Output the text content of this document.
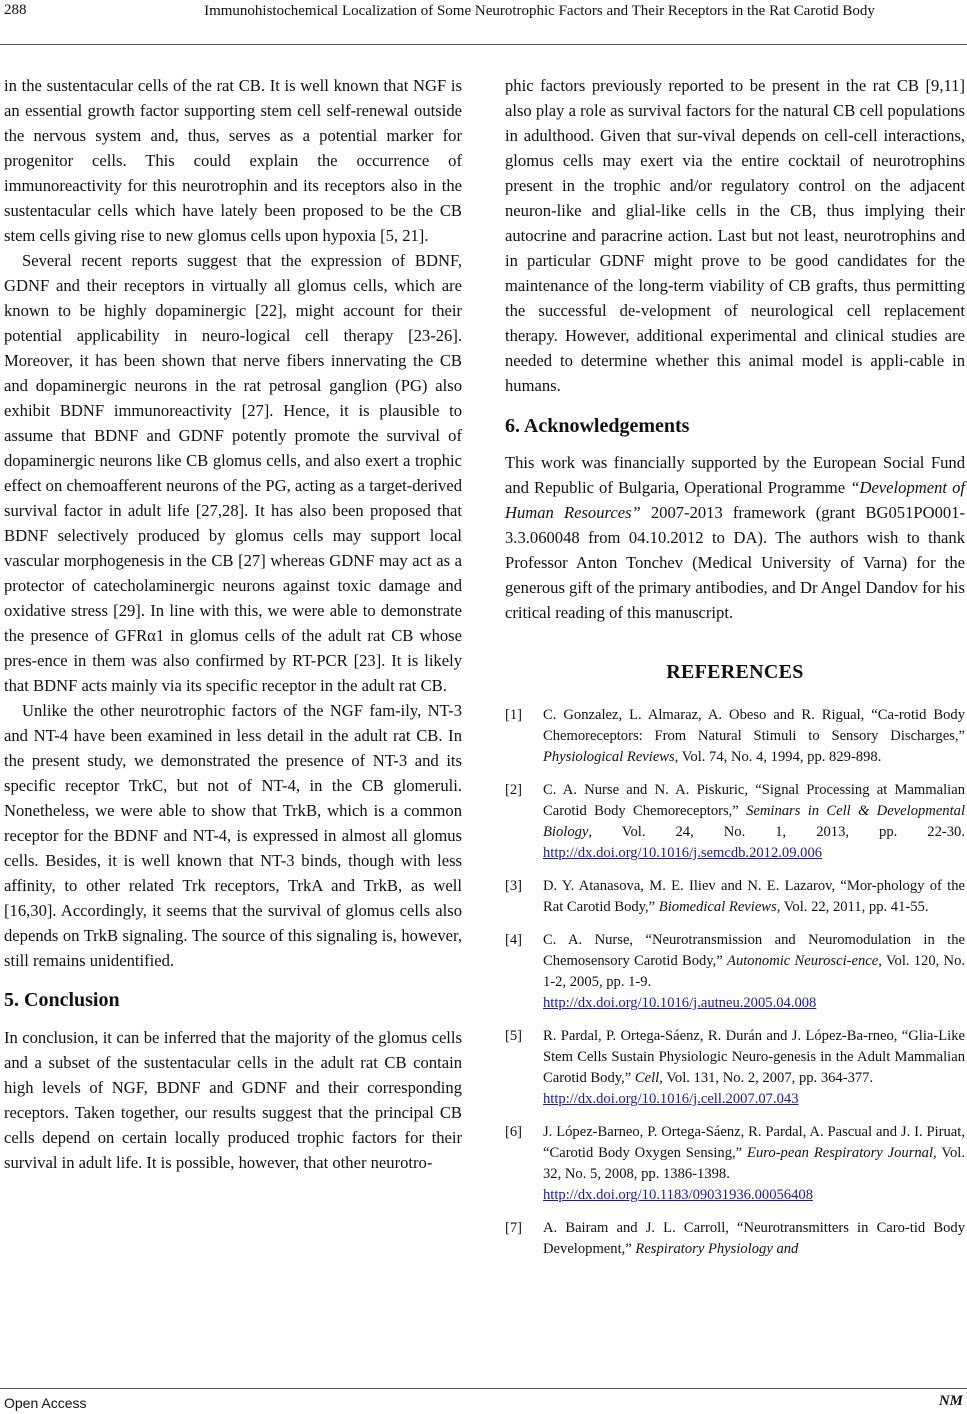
288	Immunohistochemical Localization of Some Neurotrophic Factors and Their Receptors in the Rat Carotid Body

in the sustentacular cells of the rat CB. It is well known that NGF is an essential growth factor supporting stem cell self-renewal outside the nervous system and, thus, serves as a potential marker for progenitor cells. This could explain the occurrence of immunoreactivity for this neurotrophin and its receptors also in the sustentacular cells which have lately been proposed to be the CB stem cells giving rise to new glomus cells upon hypoxia [5, 21].

Several recent reports suggest that the expression of BDNF, GDNF and their receptors in virtually all glomus cells, which are known to be highly dopaminergic [22], might account for their potential applicability in neuro-logical cell therapy [23-26]. Moreover, it has been shown that nerve fibers innervating the CB and dopaminergic neurons in the rat petrosal ganglion (PG) also exhibit BDNF immunoreactivity [27]. Hence, it is plausible to assume that BDNF and GDNF potently promote the survival of dopaminergic neurons like CB glomus cells, and also exert a trophic effect on chemoafferent neurons of the PG, acting as a target-derived survival factor in adult life [27,28]. It has also been proposed that BDNF selectively produced by glomus cells may support local vascular morphogenesis in the CB [27] whereas GDNF may act as a protector of catecholaminergic neurons against toxic damage and oxidative stress [29]. In line with this, we were able to demonstrate the presence of GFRα1 in glomus cells of the adult rat CB whose pres-ence in them was also confirmed by RT-PCR [23]. It is likely that BDNF acts mainly via its specific receptor in the adult rat CB.

Unlike the other neurotrophic factors of the NGF fam-ily, NT-3 and NT-4 have been examined in less detail in the adult rat CB. In the present study, we demonstrated the presence of NT-3 and its specific receptor TrkC, but not of NT-4, in the CB glomeruli. Nonetheless, we were able to show that TrkB, which is a common receptor for the BDNF and NT-4, is expressed in almost all glomus cells. Besides, it is well known that NT-3 binds, though with less affinity, to other related Trk receptors, TrkA and TrkB, as well [16,30]. Accordingly, it seems that the survival of glomus cells also depends on TrkB signaling. The source of this signaling is, however, still remains unidentified.

5. Conclusion

In conclusion, it can be inferred that the majority of the glomus cells and a subset of the sustentacular cells in the adult rat CB contain high levels of NGF, BDNF and GDNF and their corresponding receptors. Taken together, our results suggest that the principal CB cells depend on certain locally produced trophic factors for their survival in adult life. It is possible, however, that other neurotro-

phic factors previously reported to be present in the rat CB [9,11] also play a role as survival factors for the natural CB cell populations in adulthood. Given that sur-vival depends on cell-cell interactions, glomus cells may exert via the entire cocktail of neurotrophins present in the trophic and/or regulatory control on the adjacent neuron-like and glial-like cells in the CB, thus implying their autocrine and paracrine action. Last but not least, neurotrophins and in particular GDNF might prove to be good candidates for the maintenance of the long-term viability of CB grafts, thus permitting the successful de-velopment of neurological cell replacement therapy. However, additional experimental and clinical studies are needed to determine whether this animal model is appli-cable in humans.

6. Acknowledgements

This work was financially supported by the European Social Fund and Republic of Bulgaria, Operational Programme “Development of Human Resources” 2007-2013 framework (grant BG051PO001-3.3.060048 from 04.10.2012 to DA). The authors wish to thank Professor Anton Tonchev (Medical University of Varna) for the generous gift of the primary antibodies, and Dr Angel Dandov for his critical reading of this manuscript.

REFERENCES
[1]	C. Gonzalez, L. Almaraz, A. Obeso and R. Rigual, “Ca-rotid Body Chemoreceptors: From Natural Stimuli to Sensory Discharges,” Physiological Reviews, Vol. 74, No. 4, 1994, pp. 829-898.
[2]	C. A. Nurse and N. A. Piskuric, “Signal Processing at Mammalian Carotid Body Chemoreceptors,” Seminars in Cell & Developmental Biology, Vol. 24, No. 1, 2013, pp. 22-30. http://dx.doi.org/10.1016/j.semcdb.2012.09.006
[3]	D. Y. Atanasova, M. E. Iliev and N. E. Lazarov, “Mor-phology of the Rat Carotid Body,” Biomedical Reviews, Vol. 22, 2011, pp. 41-55.
[4]	C. A. Nurse, “Neurotransmission and Neuromodulation in the Chemosensory Carotid Body,” Autonomic Neurosci-ence, Vol. 120, No. 1-2, 2005, pp. 1-9.
http://dx.doi.org/10.1016/j.autneu.2005.04.008
[5]	R. Pardal, P. Ortega-Sáenz, R. Durán and J. López-Ba-rneo, “Glia-Like Stem Cells Sustain Physiologic Neuro-genesis in the Adult Mammalian Carotid Body,” Cell, Vol. 131, No. 2, 2007, pp. 364-377.
http://dx.doi.org/10.1016/j.cell.2007.07.043
[6]	J. López-Barneo, P. Ortega-Sáenz, R. Pardal, A. Pascual and J. I. Piruat, “Carotid Body Oxygen Sensing,” Euro-pean Respiratory Journal, Vol. 32, No. 5, 2008, pp. 1386-1398.
http://dx.doi.org/10.1183/09031936.00056408
[7]	A. Bairam and J. L. Carroll, “Neurotransmitters in Caro-tid Body Development,” Respiratory Physiology and
Open Access	NM
